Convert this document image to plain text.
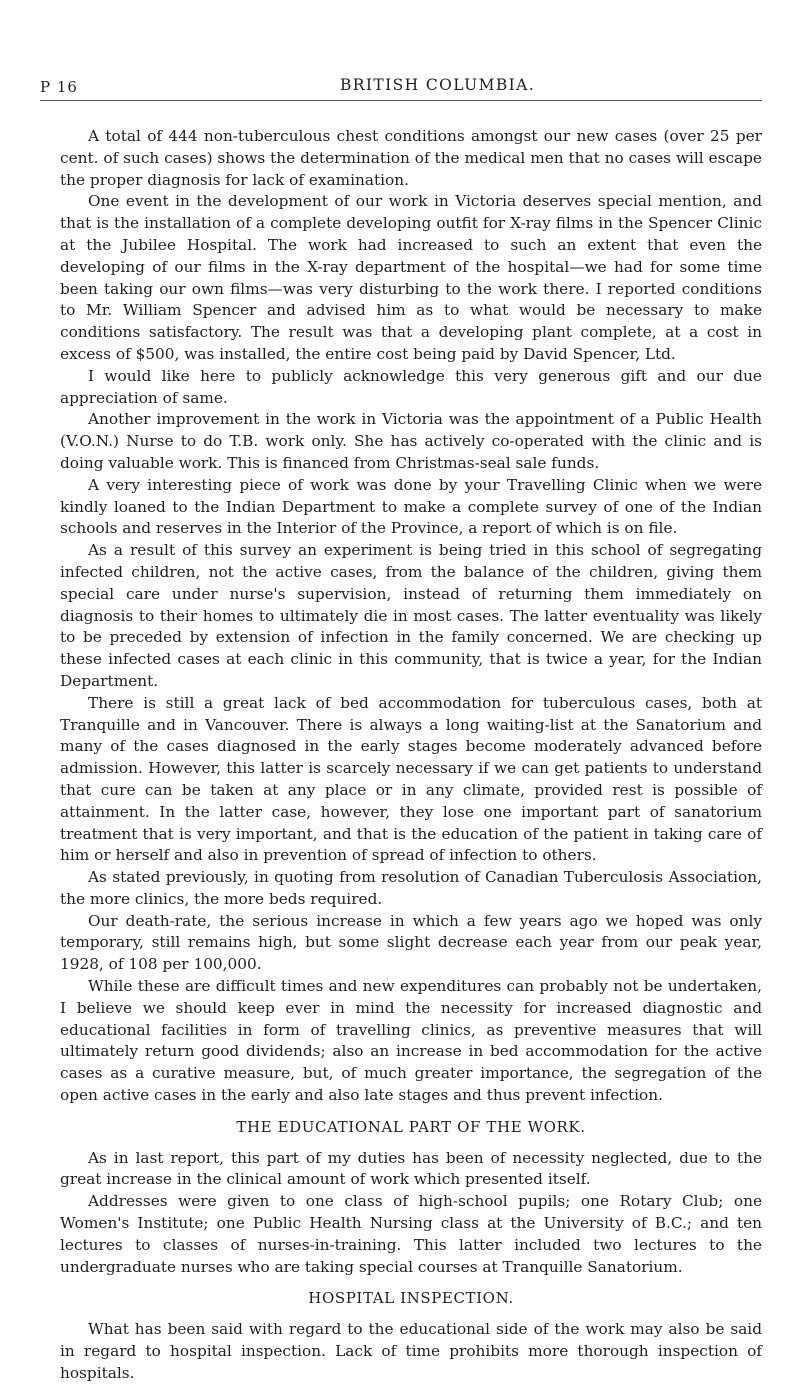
P 16	BRITISH COLUMBIA.

A total of 444 non-tuberculous chest conditions amongst our new cases (over 25 per cent. of such cases) shows the determination of the medical men that no cases will escape the proper diagnosis for lack of examination.

One event in the development of our work in Victoria deserves special mention, and that is the installation of a complete developing outfit for X-ray films in the Spencer Clinic at the Jubilee Hospital. The work had increased to such an extent that even the developing of our films in the X-ray department of the hospital—we had for some time been taking our own films—was very disturbing to the work there. I reported conditions to Mr. William Spencer and advised him as to what would be necessary to make conditions satisfactory. The result was that a developing plant complete, at a cost in excess of $500, was installed, the entire cost being paid by David Spencer, Ltd.

I would like here to publicly acknowledge this very generous gift and our due appreciation of same.

Another improvement in the work in Victoria was the appointment of a Public Health (V.O.N.) Nurse to do T.B. work only. She has actively co-operated with the clinic and is doing valuable work. This is financed from Christmas-seal sale funds.

A very interesting piece of work was done by your Travelling Clinic when we were kindly loaned to the Indian Department to make a complete survey of one of the Indian schools and reserves in the Interior of the Province, a report of which is on file.

As a result of this survey an experiment is being tried in this school of segregating infected children, not the active cases, from the balance of the children, giving them special care under nurse's supervision, instead of returning them immediately on diagnosis to their homes to ultimately die in most cases. The latter eventuality was likely to be preceded by extension of infection in the family concerned. We are checking up these infected cases at each clinic in this community, that is twice a year, for the Indian Department.

There is still a great lack of bed accommodation for tuberculous cases, both at Tranquille and in Vancouver. There is always a long waiting-list at the Sanatorium and many of the cases diagnosed in the early stages become moderately advanced before admission. However, this latter is scarcely necessary if we can get patients to understand that cure can be taken at any place or in any climate, provided rest is possible of attainment. In the latter case, however, they lose one important part of sanatorium treatment that is very important, and that is the education of the patient in taking care of him or herself and also in prevention of spread of infection to others.

As stated previously, in quoting from resolution of Canadian Tuberculosis Association, the more clinics, the more beds required.

Our death-rate, the serious increase in which a few years ago we hoped was only temporary, still remains high, but some slight decrease each year from our peak year, 1928, of 108 per 100,000.

While these are difficult times and new expenditures can probably not be undertaken, I believe we should keep ever in mind the necessity for increased diagnostic and educational facilities in form of travelling clinics, as preventive measures that will ultimately return good dividends; also an increase in bed accommodation for the active cases as a curative measure, but, of much greater importance, the segregation of the open active cases in the early and also late stages and thus prevent infection.

THE EDUCATIONAL PART OF THE WORK.

As in last report, this part of my duties has been of necessity neglected, due to the great increase in the clinical amount of work which presented itself.

Addresses were given to one class of high-school pupils; one Rotary Club; one Women's Institute; one Public Health Nursing class at the University of B.C.; and ten lectures to classes of nurses-in-training. This latter included two lectures to the undergraduate nurses who are taking special courses at Tranquille Sanatorium.

HOSPITAL INSPECTION.

What has been said with regard to the educational side of the work may also be said in regard to hospital inspection. Lack of time prohibits more thorough inspection of hospitals.
